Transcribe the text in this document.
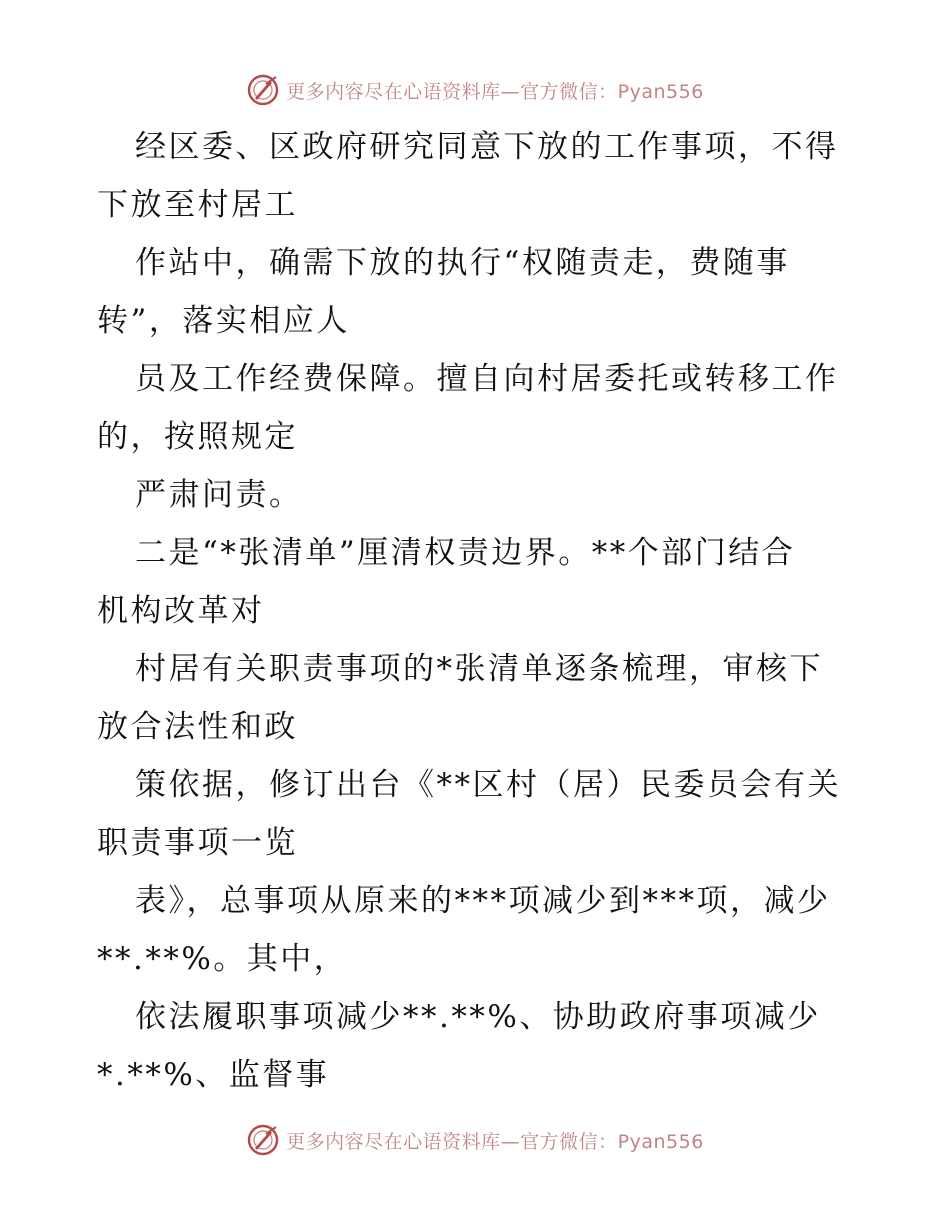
更多内容尽在心语资料库—官方微信：Pyan556
经区委、区政府研究同意下放的工作事项，不得
下放至村居工
作站中，确需下放的执行“权随责走，费随事
转”，落实相应人
员及工作经费保障。擅自向村居委托或转移工作
的，按照规定
严肃问责。
二是“*张清单”厘清权责边界。**个部门结合
机构改革对
村居有关职责事项的*张清单逐条梳理，审核下
放合法性和政
策依据，修订出台《**区村（居）民委员会有关
职责事项一览
表》，总事项从原来的***项减少到***项，减少
**.**%。其中，
依法履职事项减少**.**%、协助政府事项减少
*.**%、监督事
更多内容尽在心语资料库—官方微信：Pyan556
